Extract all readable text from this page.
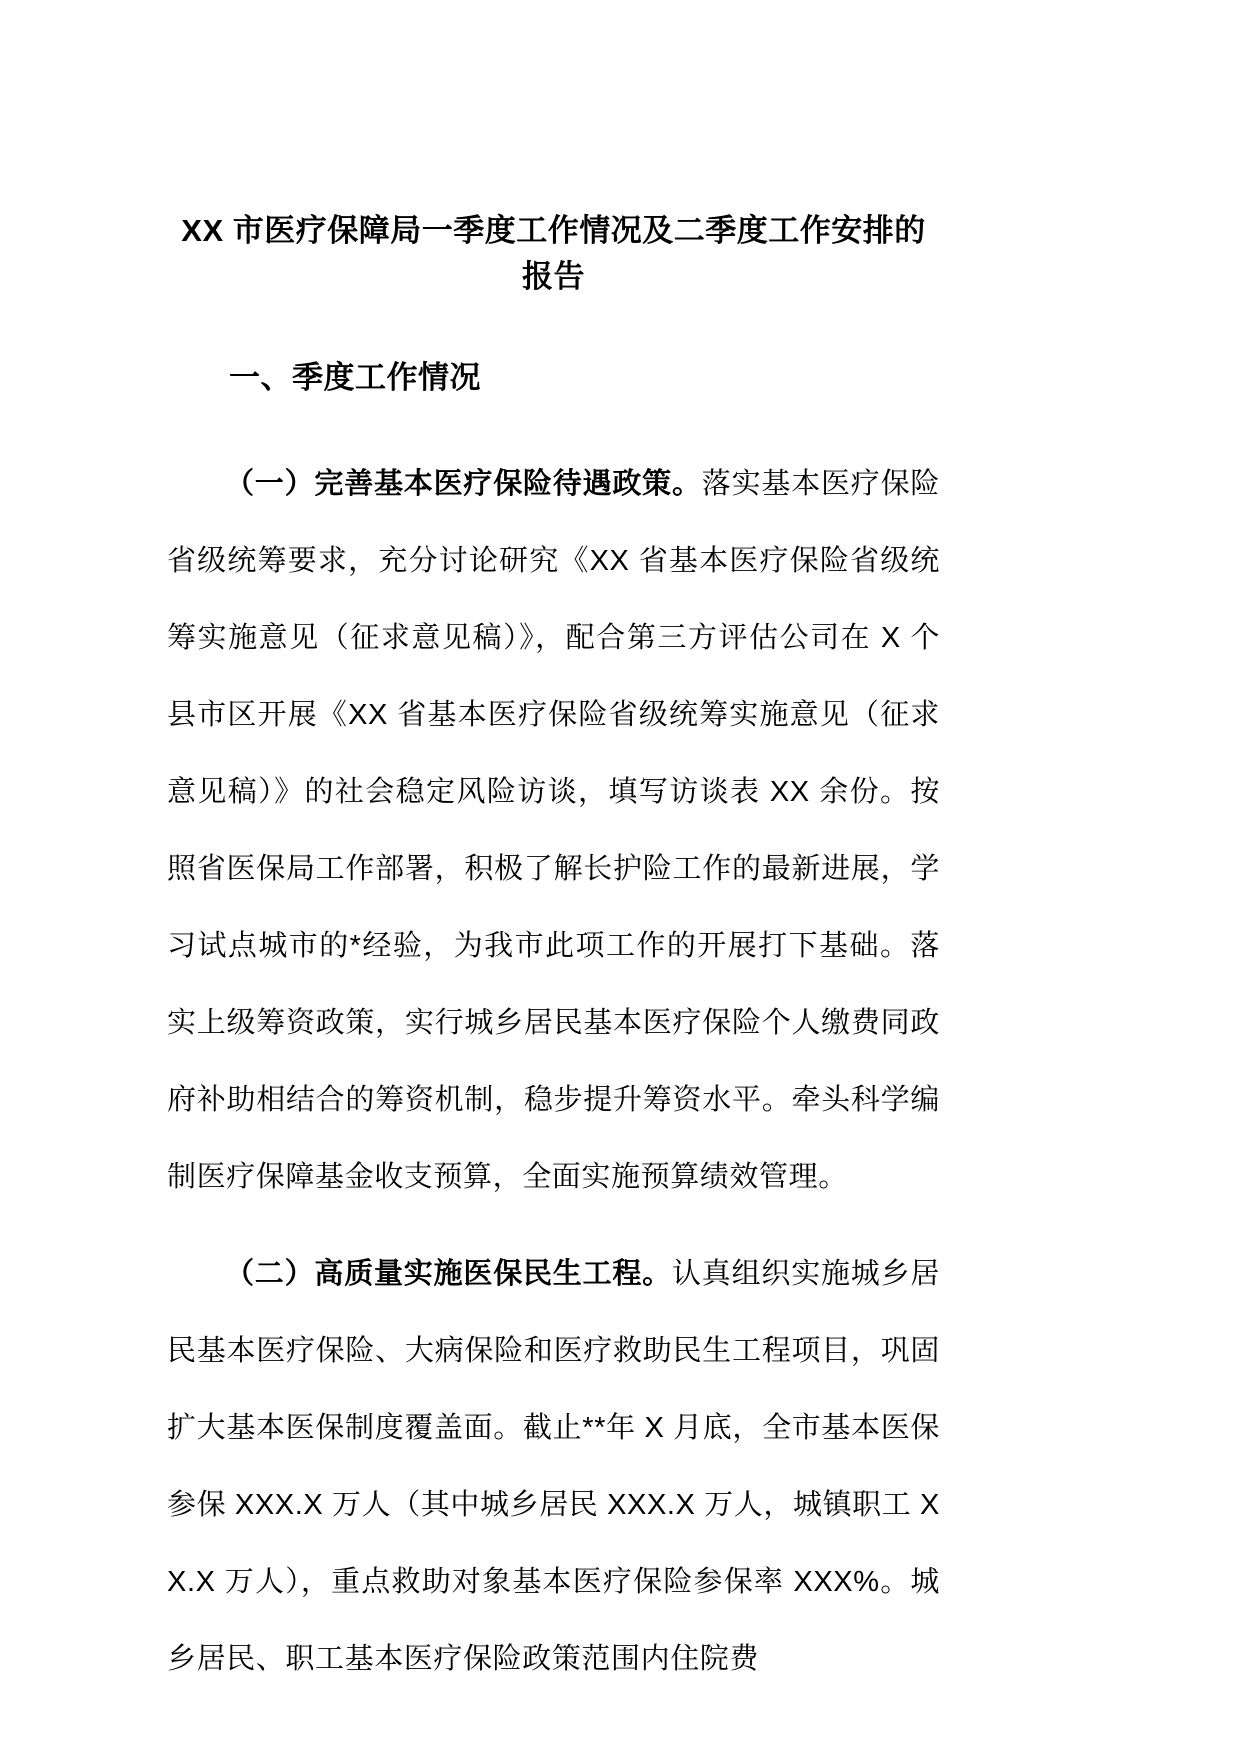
XX 市医疗保障局一季度工作情况及二季度工作安排的报告
一、季度工作情况

（一）完善基本医疗保险待遇政策。落实基本医疗保险省级统筹要求，充分讨论研究《XX 省基本医疗保险省级统筹实施意见（征求意见稿）》，配合第三方评估公司在 X 个县市区开展《XX 省基本医疗保险省级统筹实施意见（征求意见稿）》的社会稳定风险访谈，填写访谈表 XX 余份。按照省医保局工作部署，积极了解长护险工作的最新进展，学习试点城市的*经验，为我市此项工作的开展打下基础。落实上级筹资政策，实行城乡居民基本医疗保险个人缴费同政府补助相结合的筹资机制，稳步提升筹资水平。牵头科学编制医疗保障基金收支预算，全面实施预算绩效管理。

（二）高质量实施医保民生工程。认真组织实施城乡居民基本医疗保险、大病保险和医疗救助民生工程项目，巩固扩大基本医保制度覆盖面。截止**年 X 月底，全市基本医保参保 XXX.X 万人（其中城乡居民 XXX.X 万人，城镇职工 XX.X 万人），重点救助对象基本医疗保险参保率 XXX%。城乡居民、职工基本医疗保险政策范围内住院费
